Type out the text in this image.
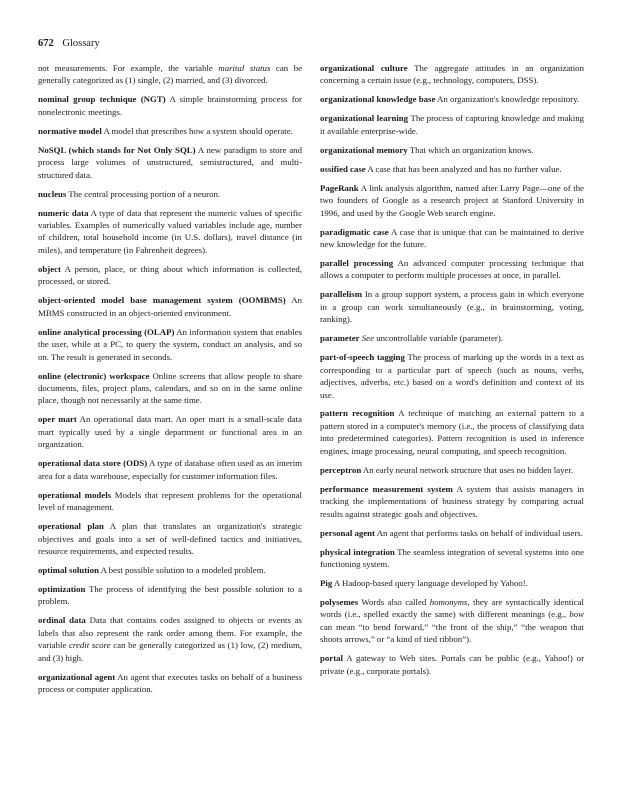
672 Glossary

not measurements. For example, the variable marital status can be generally categorized as (1) single, (2) married, and (3) divorced.

nominal group technique (NGT) A simple brainstorming process for nonelectronic meetings.

normative model A model that prescribes how a system should operate.

NoSQL (which stands for Not Only SQL) A new paradigm to store and process large volumes of unstructured, semistructured, and multi-structured data.

nucleus The central processing portion of a neuron.

numeric data A type of data that represent the numeric values of specific variables. Examples of numerically valued variables include age, number of children, total household income (in U.S. dollars), travel distance (in miles), and temperature (in Fahrenheit degrees).

object A person, place, or thing about which information is collected, processed, or stored.

object-oriented model base management system (OOMBMS) An MBMS constructed in an object-oriented environment.

online analytical processing (OLAP) An information system that enables the user, while at a PC, to query the system, conduct an analysis, and so on. The result is generated in seconds.

online (electronic) workspace Online screens that allow people to share documents, files, project plans, calendars, and so on in the same online place, though not necessarily at the same time.

oper mart An operational data mart. An oper mart is a small-scale data mart typically used by a single department or functional area in an organization.

operational data store (ODS) A type of database often used as an interim area for a data warehouse, especially for customer information files.

operational models Models that represent problems for the operational level of management.

operational plan A plan that translates an organization's strategic objectives and goals into a set of well-defined tactics and initiatives, resource requirements, and expected results.

optimal solution A best possible solution to a modeled problem.

optimization The process of identifying the best possible solution to a problem.

ordinal data Data that contains codes assigned to objects or events as labels that also represent the rank order among them. For example, the variable credit score can be generally categorized as (1) low, (2) medium, and (3) high.

organizational agent An agent that executes tasks on behalf of a business process or computer application.

organizational culture The aggregate attitudes in an organization concerning a certain issue (e.g., technology, computers, DSS).

organizational knowledge base An organization's knowledge repository.

organizational learning The process of capturing knowledge and making it available enterprise-wide.

organizational memory That which an organization knows.

ossified case A case that has been analyzed and has no further value.

PageRank A link analysis algorithm, named after Larry Page—one of the two founders of Google as a research project at Stanford University in 1996, and used by the Google Web search engine.

paradigmatic case A case that is unique that can be maintained to derive new knowledge for the future.

parallel processing An advanced computer processing technique that allows a computer to perform multiple processes at once, in parallel.

parallelism In a group support system, a process gain in which everyone in a group can work simultaneously (e.g., in brainstorming, voting, ranking).

parameter See uncontrollable variable (parameter).

part-of-speech tagging The process of marking up the words in a text as corresponding to a particular part of speech (such as nouns, verbs, adjectives, adverbs, etc.) based on a word's definition and context of its use.

pattern recognition A technique of matching an external pattern to a pattern stored in a computer's memory (i.e., the process of classifying data into predetermined categories). Pattern recognition is used in inference engines, image processing, neural computing, and speech recognition.

perceptron An early neural network structure that uses no hidden layer.

performance measurement system A system that assists managers in tracking the implementations of business strategy by comparing actual results against strategic goals and objectives.

personal agent An agent that performs tasks on behalf of individual users.

physical integration The seamless integration of several systems into one functioning system.

Pig A Hadoop-based query language developed by Yahoo!.

polysemes Words also called homonyms, they are syntactically identical words (i.e., spelled exactly the same) with different meanings (e.g., bow can mean “to bend forward,” “the front of the ship,” “the weapon that shoots arrows,” or “a kind of tied ribbon”).

portal A gateway to Web sites. Portals can be public (e.g., Yahoo!) or private (e.g., corporate portals).
